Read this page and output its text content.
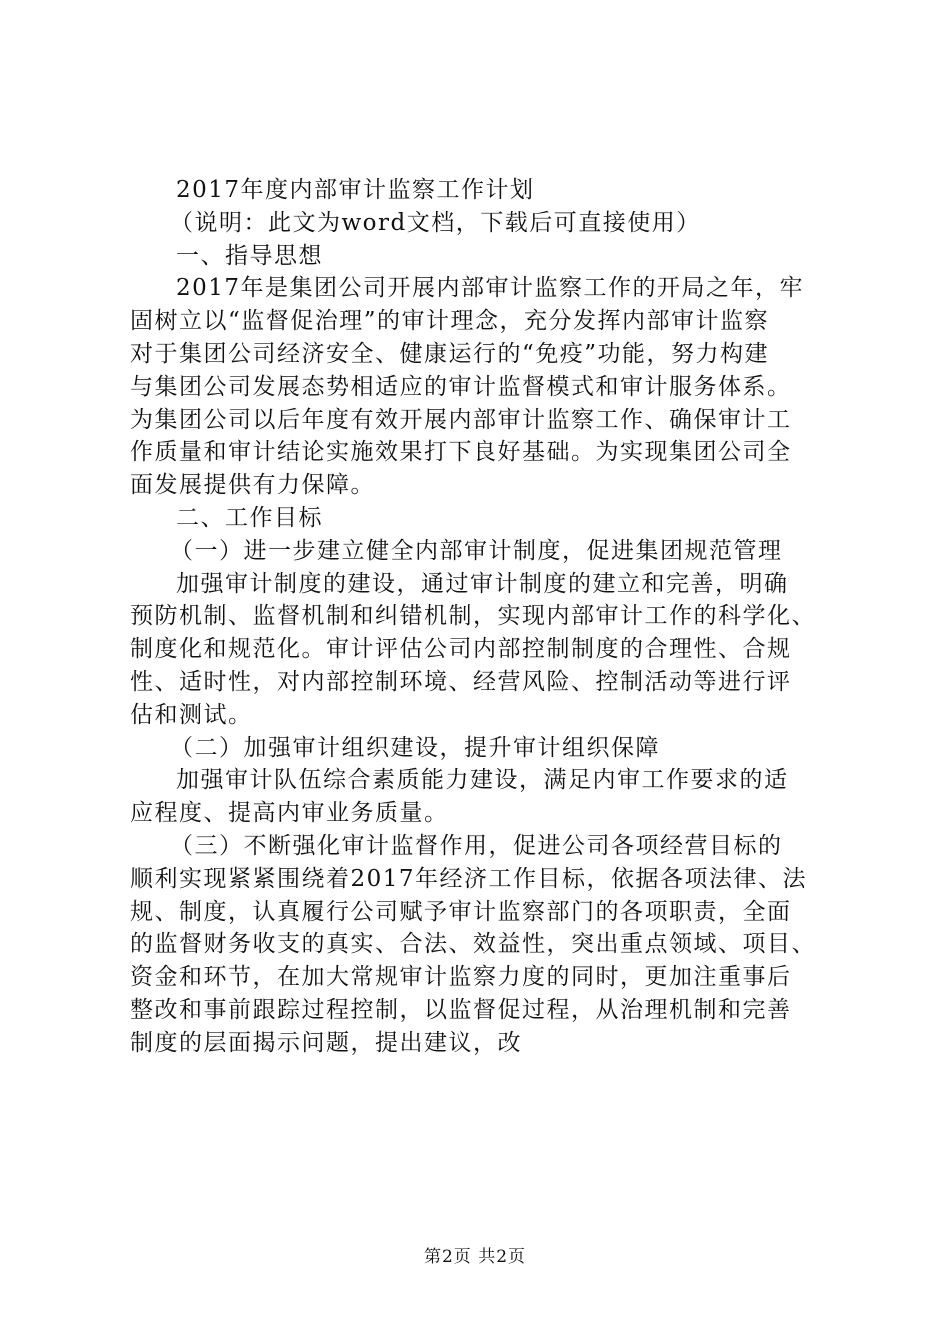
2017年度内部审计监察工作计划
（说明：此文为word文档，下载后可直接使用）
一、指导思想
2017年是集团公司开展内部审计监察工作的开局之年，牢
固树立以“监督促治理”的审计理念，充分发挥内部审计监察
对于集团公司经济安全、健康运行的“免疫”功能，努力构建
与集团公司发展态势相适应的审计监督模式和审计服务体系。
为集团公司以后年度有效开展内部审计监察工作、确保审计工
作质量和审计结论实施效果打下良好基础。为实现集团公司全
面发展提供有力保障。
二、工作目标
（一）进一步建立健全内部审计制度，促进集团规范管理
加强审计制度的建设，通过审计制度的建立和完善，明确
预防机制、监督机制和纠错机制，实现内部审计工作的科学化、
制度化和规范化。审计评估公司内部控制制度的合理性、合规
性、适时性，对内部控制环境、经营风险、控制活动等进行评
估和测试。
（二）加强审计组织建设，提升审计组织保障
加强审计队伍综合素质能力建设，满足内审工作要求的适
应程度、提高内审业务质量。
（三）不断强化审计监督作用，促进公司各项经营目标的
顺利实现紧紧围绕着2017年经济工作目标，依据各项法律、法
规、制度，认真履行公司赋予审计监察部门的各项职责，全面
的监督财务收支的真实、合法、效益性，突出重点领域、项目、
资金和环节，在加大常规审计监察力度的同时，更加注重事后
整改和事前跟踪过程控制，以监督促过程，从治理机制和完善
制度的层面揭示问题，提出建议，改
第2页 共2页
